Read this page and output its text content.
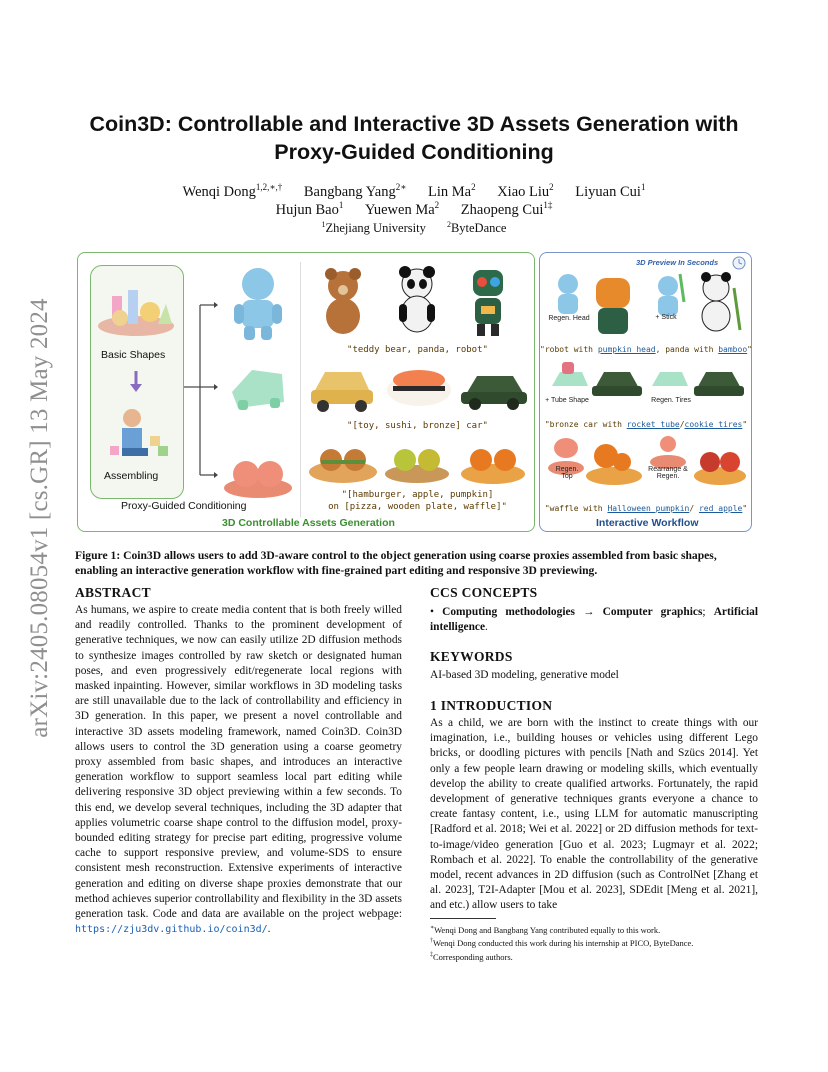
arXiv:2405.08054v1 [cs.GR] 13 May 2024
Coin3D: Controllable and Interactive 3D Assets Generation with
Proxy-Guided Conditioning
Wenqi Dong$^{1,2,∗,\dagger}$ Bangbang Yang$^{2∗}$ Lin Ma$^2$ Xiao Liu$^2$ Liyuan Cui$^1$
Hujun Bao$^1$ Yuewen Ma$^2$ Zhaopeng Cui$^{1\ddagger}$
$^1$Zhejiang University	$^2$ByteDance
Basic Shapes
Assembling
Proxy-Guided Conditioning
"teddy bear, panda, robot"
"[toy, sushi, bronze] car"
"[hamburger, apple, pumpkin]
on [pizza, wooden plate, waffle]"
3D Controllable Assets Generation
3D Preview In Seconds
Regen. Head	+ Stick
"robot with pumpkin head, panda with bamboo"
+ Tube Shape	Regen. Tires
"bronze car with rocket tube/cookie tires"
Regen.
Top
Rearrange &
Regen.
"waffle with Halloween pumpkin/ red apple"
Interactive Workflow
Figure 1: Coin3D allows users to add 3D-aware control to the object generation using coarse proxies assembled from basic shapes, enabling an interactive generation workflow with fine-grained part editing and responsive 3D previewing.
ABSTRACT

As humans, we aspire to create media content that is both freely willed and readily controlled. Thanks to the prominent development of generative techniques, we now can easily utilize 2D diffusion methods to synthesize images controlled by raw sketch or designated human poses, and even progressively edit/regenerate local regions with masked inpainting. However, similar workflows in 3D modeling tasks are still unavailable due to the lack of controllability and efficiency in 3D generation. In this paper, we present a novel controllable and interactive 3D assets modeling framework, named Coin3D. Coin3D allows users to control the 3D generation using a coarse geometry proxy assembled from basic shapes, and introduces an interactive generation workflow to support seamless local part editing while delivering responsive 3D object previewing within a few seconds. To this end, we develop several techniques, including the 3D adapter that applies volumetric coarse shape control to the diffusion model, proxy-bounded editing strategy for precise part editing, progressive volume cache to support responsive preview, and volume-SDS to ensure consistent mesh reconstruction. Extensive experiments of interactive generation and editing on diverse shape proxies demonstrate that our method achieves superior controllability and flexibility in the 3D assets generation task. Code and data are available on the project webpage: https://zju3dv.github.io/coin3d/.

CCS CONCEPTS

• Computing methodologies → Computer graphics; Artificial intelligence.

KEYWORDS
AI-based 3D modeling, generative model
1 INTRODUCTION
As a child, we are born with the instinct to create things with our imagination, i.e., building houses or vehicles using different Lego bricks, or doodling pictures with pencils [Nath and Szücs 2014]. Yet only a few people learn drawing or modeling skills, which eventually develop the ability to create qualified artworks. Fortunately, the rapid development of generative techniques grants everyone a chance to create fantasy content, i.e., using LLM for automatic manuscripting [Radford et al. 2018; Wei et al. 2022] or 2D diffusion methods for text-to-image/video generation [Guo et al. 2023; Lugmayr et al. 2022; Rombach et al. 2022]. To enable the controllability of the generative model, recent advances in 2D diffusion (such as ControlNet [Zhang et al. 2023], T2I-Adapter [Mou et al. 2023], SDEdit [Meng et al. 2021], and etc.) allow users to take
∗Wenqi Dong and Bangbang Yang contributed equally to this work.
†Wenqi Dong conducted this work during his internship at PICO, ByteDance.
‡Corresponding authors.
